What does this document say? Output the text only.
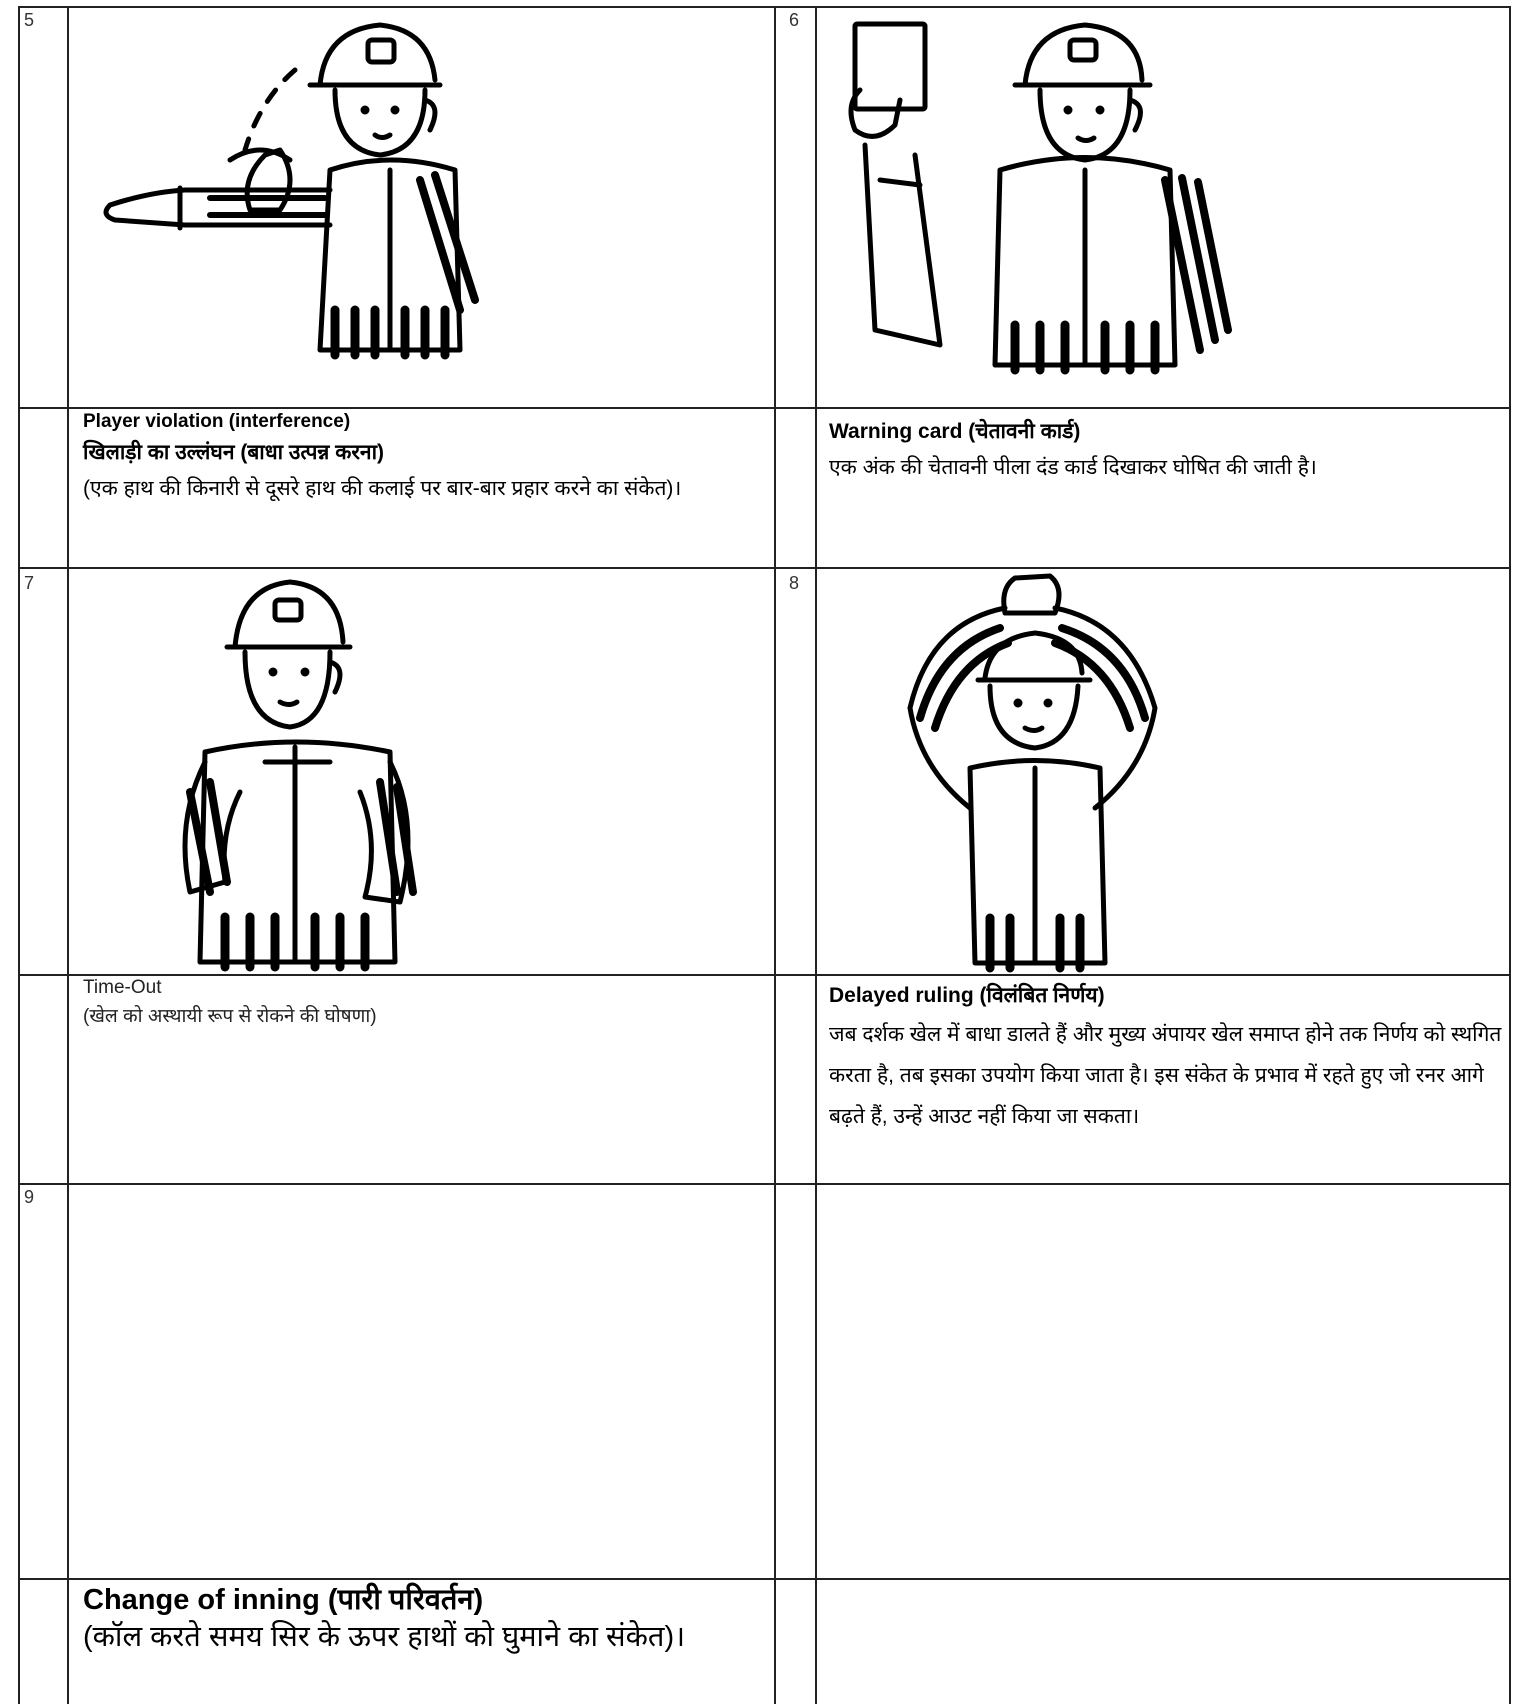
5	6
Player violation (interference)
खिलाड़ी का उल्लंघन (बाधा उत्पन्न करना)
(एक हाथ की किनारी से दूसरे हाथ की कलाई पर बार-बार प्रहार करने का संकेत)।
Warning card (चेतावनी कार्ड)
एक अंक की चेतावनी पीला दंड कार्ड दिखाकर घोषित की जाती है।
7	8
Time-Out
(खेल को अस्थायी रूप से रोकने की घोषणा)
Delayed ruling (विलंबित निर्णय)
जब दर्शक खेल में बाधा डालते हैं और मुख्य अंपायर खेल समाप्त होने तक निर्णय को स्थगित करता है, तब इसका उपयोग किया जाता है। इस संकेत के प्रभाव में रहते हुए जो रनर आगे बढ़ते हैं, उन्हें आउट नहीं किया जा सकता।
9
Change of inning (पारी परिवर्तन)
(कॉल करते समय सिर के ऊपर हाथों को घुमाने का संकेत)।
